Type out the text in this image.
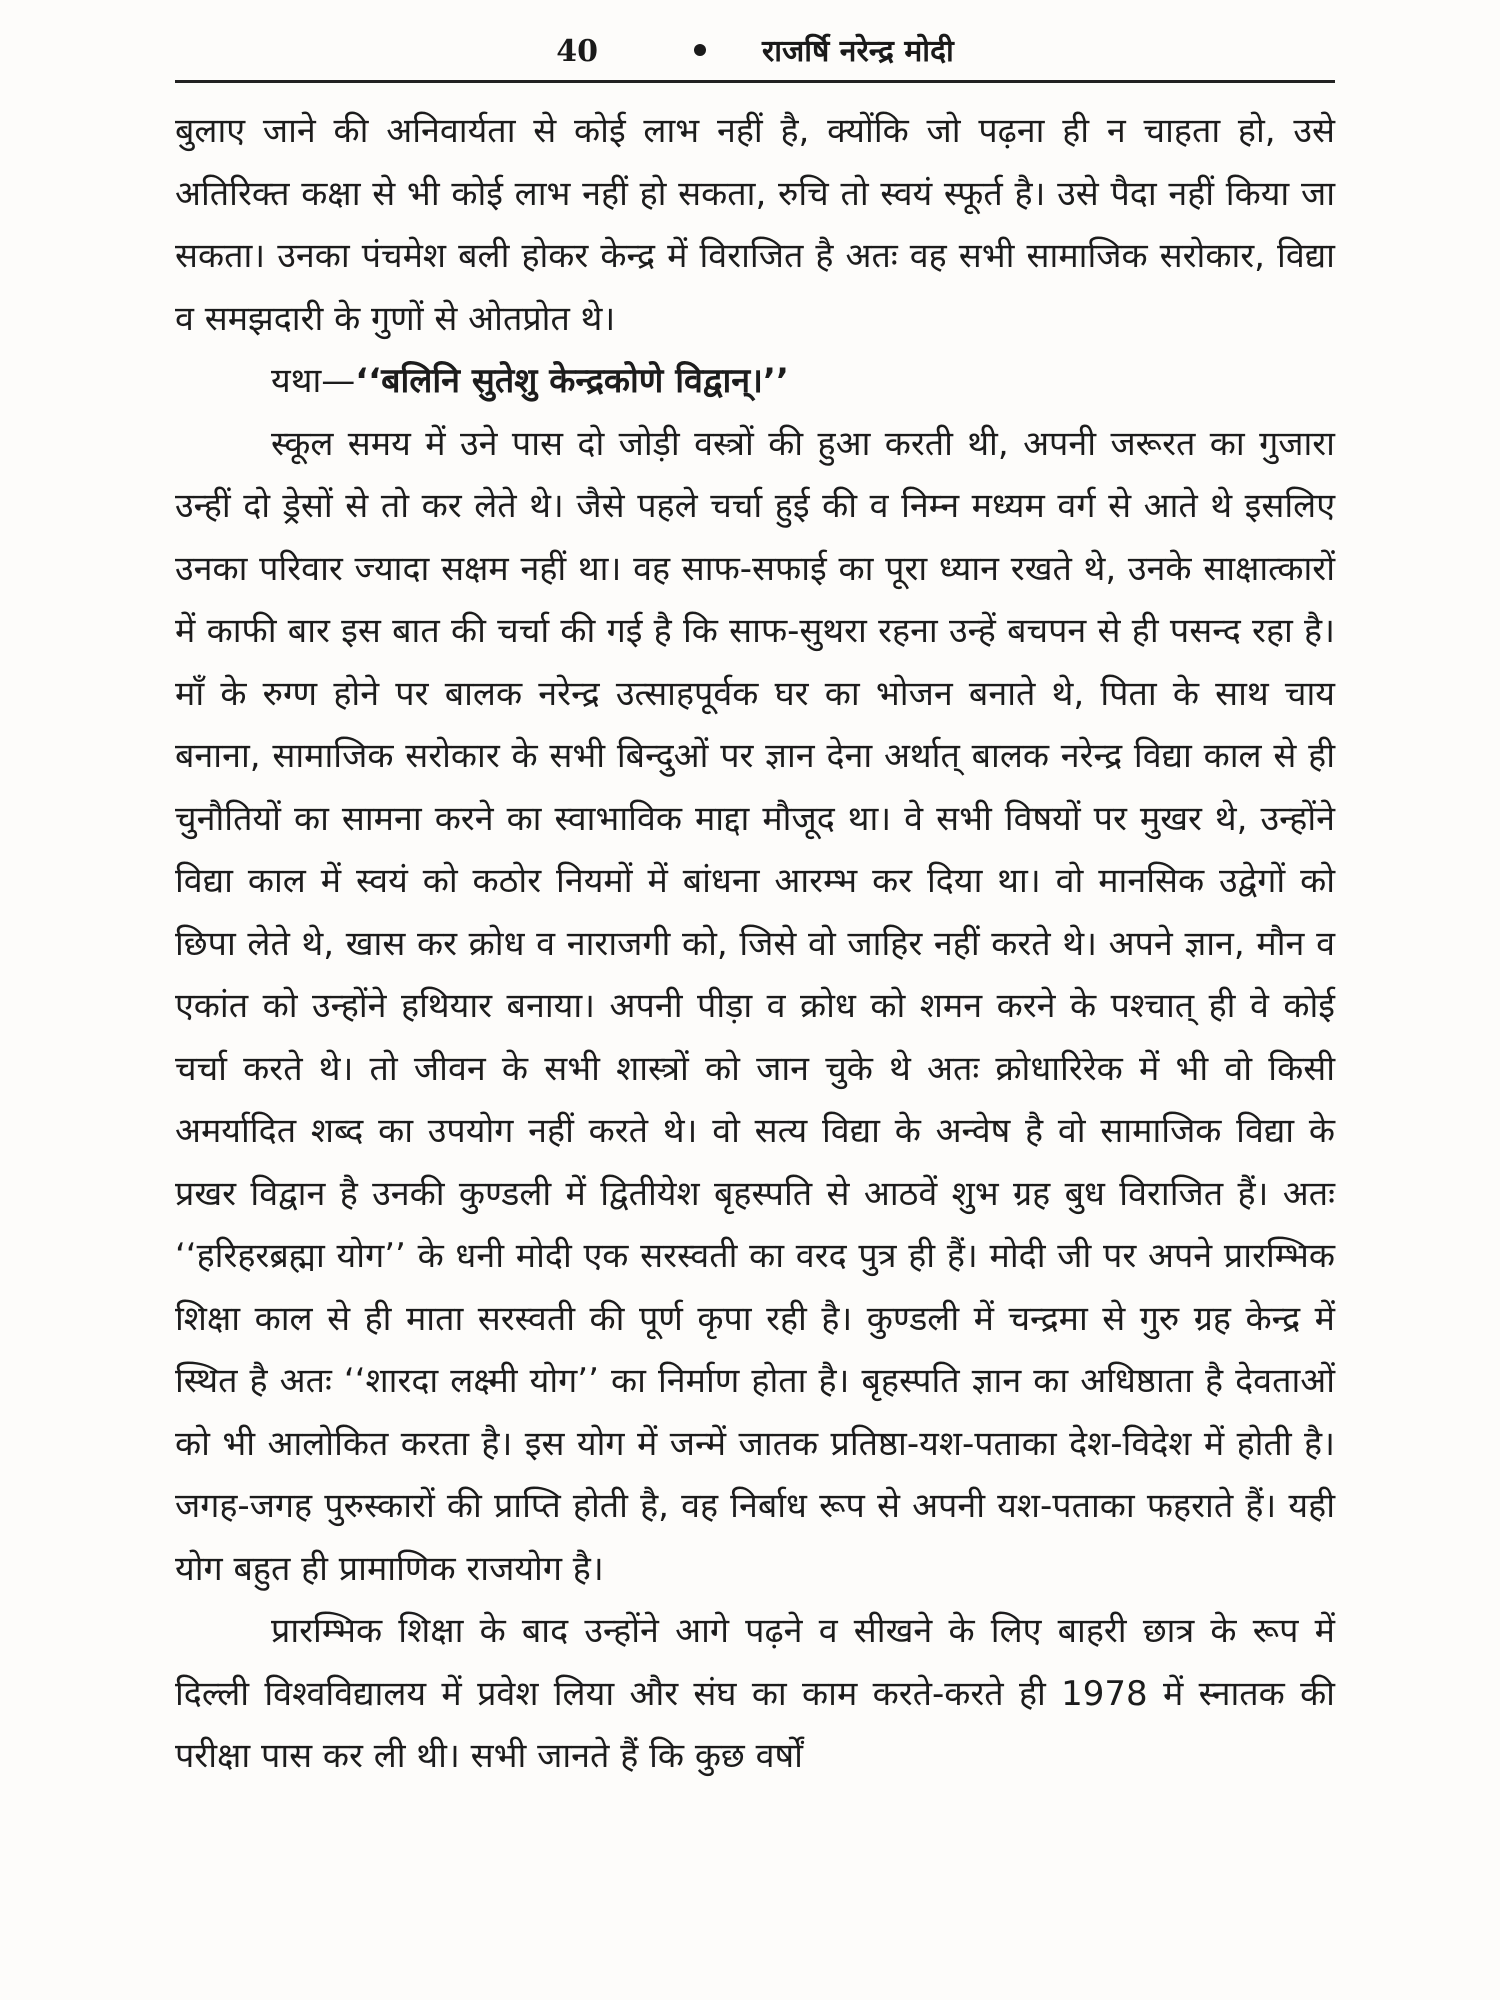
40	राजर्षि नरेन्द्र मोदी

बुलाए जाने की अनिवार्यता से कोई लाभ नहीं है, क्योंकि जो पढ़ना ही न चाहता हो, उसे अतिरिक्त कक्षा से भी कोई लाभ नहीं हो सकता, रुचि तो स्वयं स्फूर्त है। उसे पैदा नहीं किया जा सकता। उनका पंचमेश बली होकर केन्द्र में विराजित है अतः वह सभी सामाजिक सरोकार, विद्या व समझदारी के गुणों से ओतप्रोत थे।

यथा—‘‘बलिनि सुतेशु केन्द्रकोणे विद्वान्।’’

स्कूल समय में उने पास दो जोड़ी वस्त्रों की हुआ करती थी, अपनी जरूरत का गुजारा उन्हीं दो ड्रेसों से तो कर लेते थे। जैसे पहले चर्चा हुई की व निम्न मध्यम वर्ग से आते थे इसलिए उनका परिवार ज्यादा सक्षम नहीं था। वह साफ-सफाई का पूरा ध्यान रखते थे, उनके साक्षात्कारों में काफी बार इस बात की चर्चा की गई है कि साफ-सुथरा रहना उन्हें बचपन से ही पसन्द रहा है। माँ के रुग्ण होने पर बालक नरेन्द्र उत्साहपूर्वक घर का भोजन बनाते थे, पिता के साथ चाय बनाना, सामाजिक सरोकार के सभी बिन्दुओं पर ज्ञान देना अर्थात् बालक नरेन्द्र विद्या काल से ही चुनौतियों का सामना करने का स्वाभाविक माद्दा मौजूद था। वे सभी विषयों पर मुखर थे, उन्होंने विद्या काल में स्वयं को कठोर नियमों में बांधना आरम्भ कर दिया था। वो मानसिक उद्वेगों को छिपा लेते थे, खास कर क्रोध व नाराजगी को, जिसे वो जाहिर नहीं करते थे। अपने ज्ञान, मौन व एकांत को उन्होंने हथियार बनाया। अपनी पीड़ा व क्रोध को शमन करने के पश्चात् ही वे कोई चर्चा करते थे। तो जीवन के सभी शास्त्रों को जान चुके थे अतः क्रोधारिरेक में भी वो किसी अमर्यादित शब्द का उपयोग नहीं करते थे। वो सत्य विद्या के अन्वेष है वो सामाजिक विद्या के प्रखर विद्वान है उनकी कुण्डली में द्वितीयेश बृहस्पति से आठवें शुभ ग्रह बुध विराजित हैं। अतः ‘‘हरिहरब्रह्मा योग’’ के धनी मोदी एक सरस्वती का वरद पुत्र ही हैं। मोदी जी पर अपने प्रारम्भिक शिक्षा काल से ही माता सरस्वती की पूर्ण कृपा रही है। कुण्डली में चन्द्रमा से गुरु ग्रह केन्द्र में स्थित है अतः ‘‘शारदा लक्ष्मी योग’’ का निर्माण होता है। बृहस्पति ज्ञान का अधिष्ठाता है देवताओं को भी आलोकित करता है। इस योग में जन्में जातक प्रतिष्ठा-यश-पताका देश-विदेश में होती है। जगह-जगह पुरुस्कारों की प्राप्ति होती है, वह निर्बाध रूप से अपनी यश-पताका फहराते हैं। यही योग बहुत ही प्रामाणिक राजयोग है।

प्रारम्भिक शिक्षा के बाद उन्होंने आगे पढ़ने व सीखने के लिए बाहरी छात्र के रूप में दिल्ली विश्वविद्यालय में प्रवेश लिया और संघ का काम करते-करते ही 1978 में स्नातक की परीक्षा पास कर ली थी। सभी जानते हैं कि कुछ वर्षों
